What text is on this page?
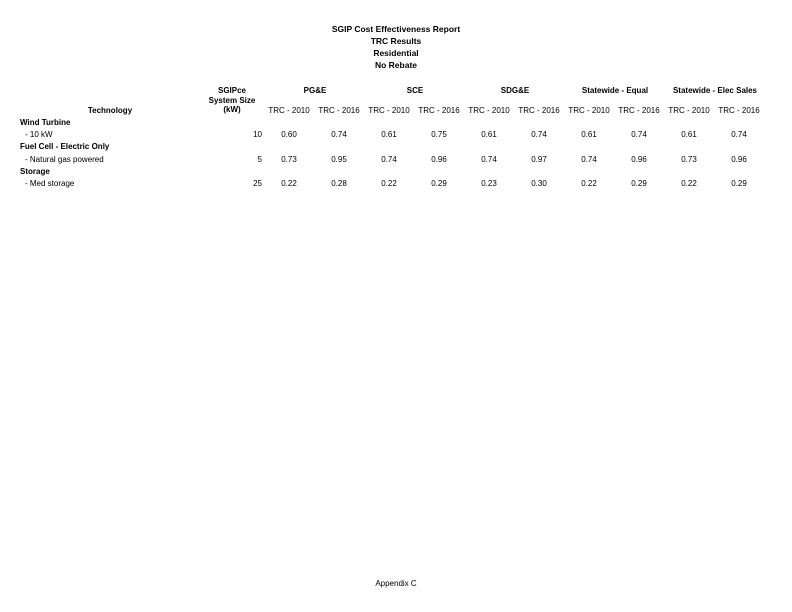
SGIP Cost Effectiveness Report
TRC Results
Residential
No Rebate
Technology
SGIPce
System Size
(kW)
PG&E	SCE	SDG&E	Statewide - Equal	Statewide - Elec Sales
TRC - 2010	TRC - 2016	TRC - 2010	TRC - 2016	TRC - 2010	TRC - 2016	TRC - 2010	TRC - 2016	TRC - 2010	TRC - 2016
Wind Turbine
- 10 kW	10	0.60	0.74	0.61	0.75	0.61	0.74	0.61	0.74	0.61	0.74
Fuel Cell - Electric Only
- Natural gas powered	5	0.73	0.95	0.74	0.96	0.74	0.97	0.74	0.96	0.73	0.96
Storage
- Med storage	25	0.22	0.28	0.22	0.29	0.23	0.30	0.22	0.29	0.22	0.29
Appendix C
